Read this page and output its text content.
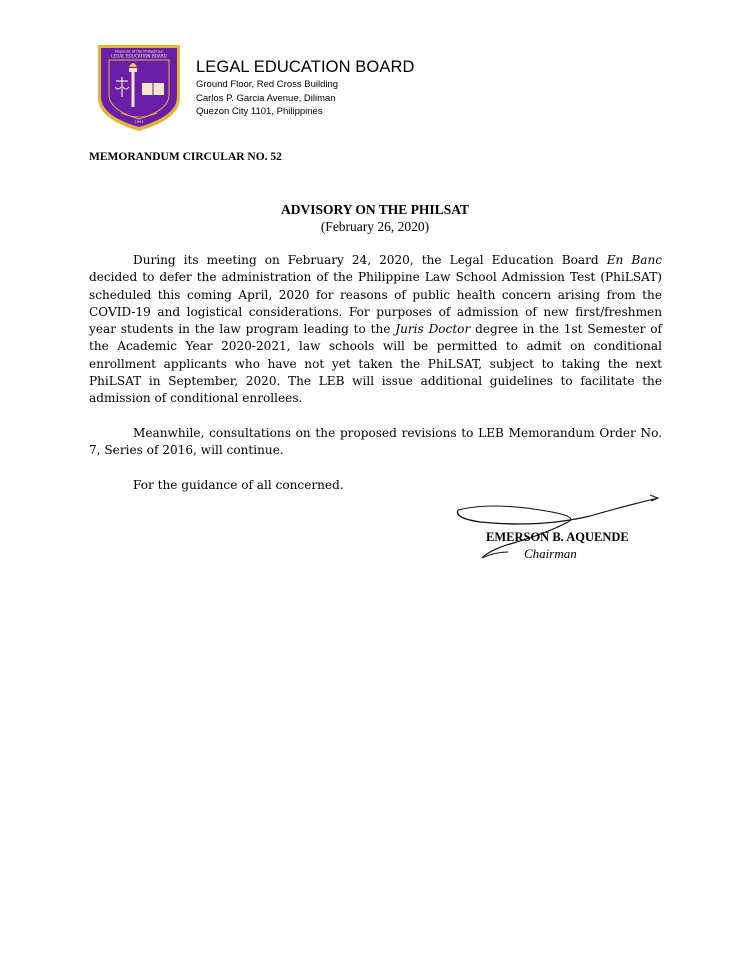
Republic of the Philippines
LEGAL EDUCATION BOARD
1993
LEGAL EDUCATION BOARD
Ground Floor, Red Cross Building
Carlos P. Garcia Avenue, Diliman
Quezon City 1101, Philippines
MEMORANDUM CIRCULAR NO. 52
ADVISORY ON THE PHILSAT
(February 26, 2020)

During its meeting on February 24, 2020, the Legal Education Board En Banc decided to defer the administration of the Philippine Law School Admission Test (PhiLSAT) scheduled this coming April, 2020 for reasons of public health concern arising from the COVID-19 and logistical considerations. For purposes of admission of new first/freshmen year students in the law program leading to the Juris Doctor degree in the 1st Semester of the Academic Year 2020-2021, law schools will be permitted to admit on conditional enrollment applicants who have not yet taken the PhiLSAT, subject to taking the next PhiLSAT in September, 2020. The LEB will issue additional guidelines to facilitate the admission of conditional enrollees.

Meanwhile, consultations on the proposed revisions to LEB Memorandum Order No. 7, Series of 2016, will continue.

For the guidance of all concerned.

EMERSON B. AQUENDE
Chairman
